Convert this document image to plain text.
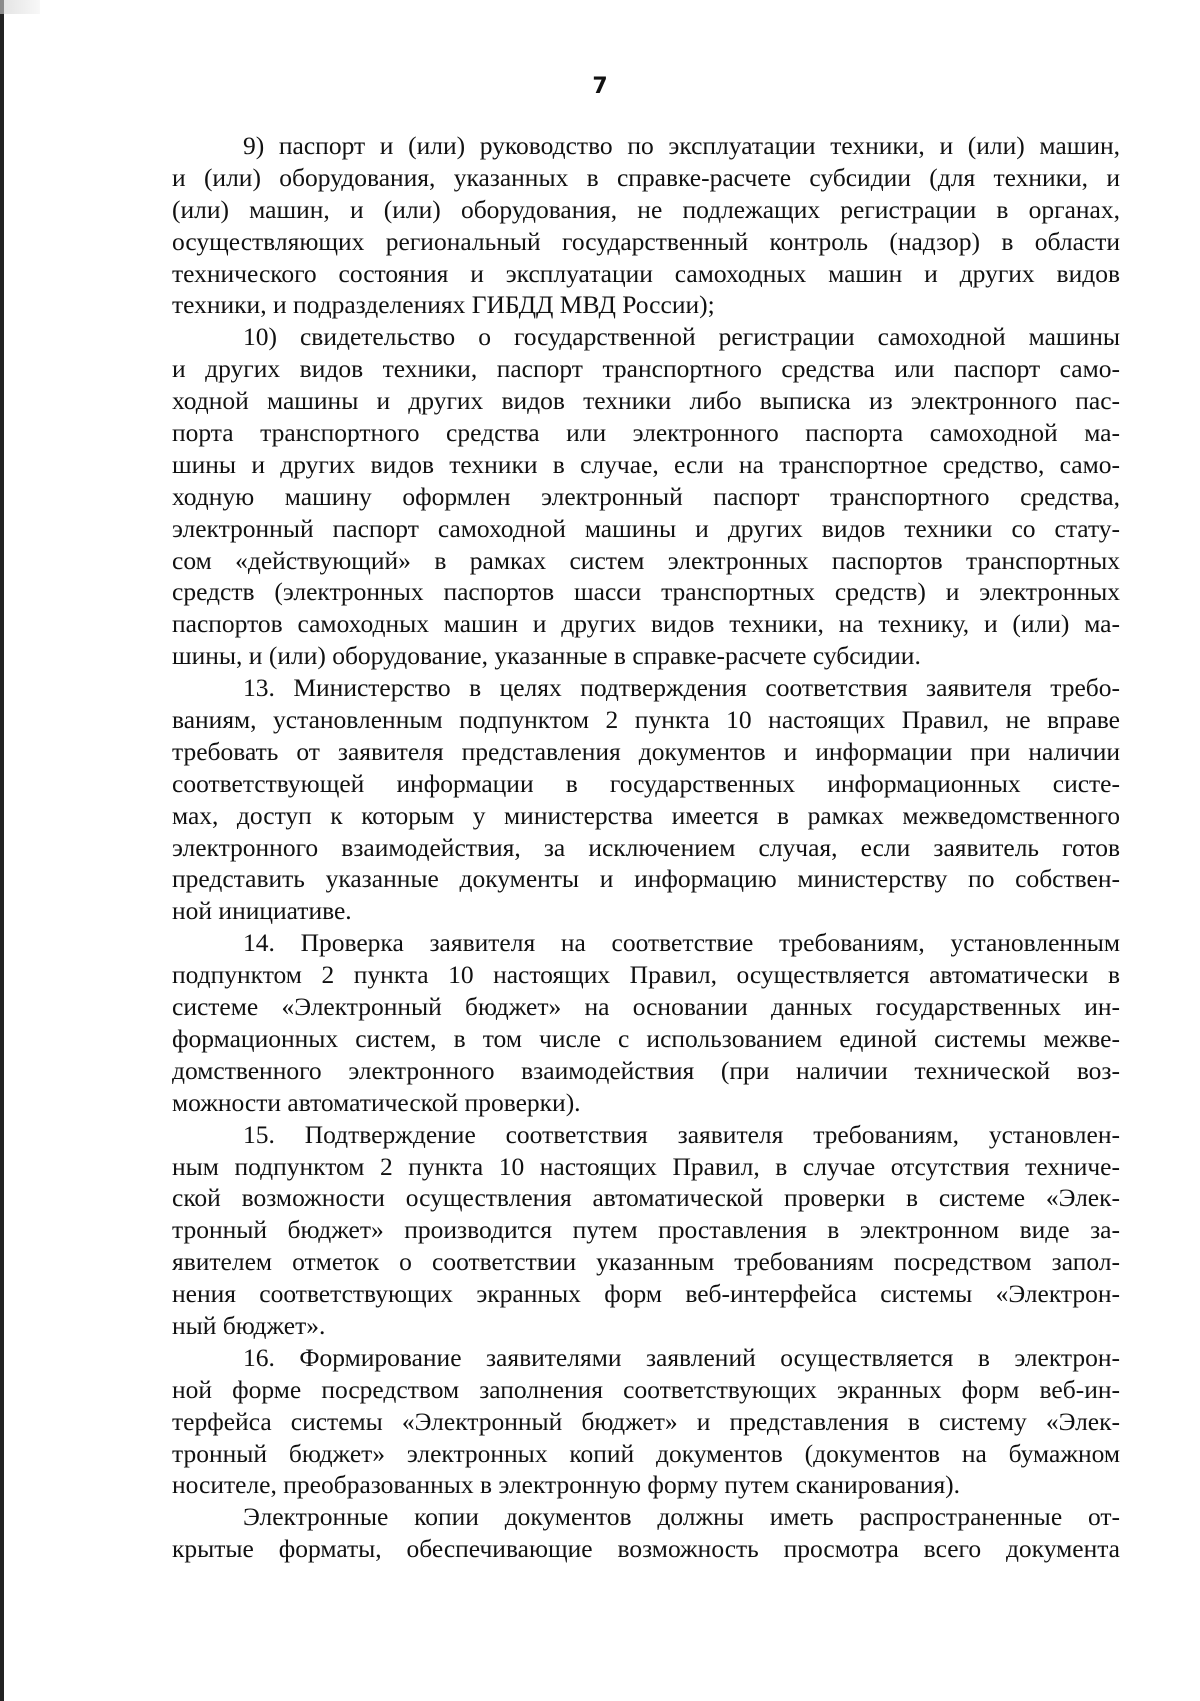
7
9) паспорт и (или) руководство по эксплуатации техники, и (или) машин,
и (или) оборудования, указанных в справке-расчете субсидии (для техники, и
(или) машин, и (или) оборудования, не подлежащих регистрации в органах,
осуществляющих региональный государственный контроль (надзор) в области
технического состояния и эксплуатации самоходных машин и других видов
техники, и подразделениях ГИБДД МВД России);
10) свидетельство о государственной регистрации самоходной машины
и других видов техники, паспорт транспортного средства или паспорт само-
ходной машины и других видов техники либо выписка из электронного пас-
порта транспортного средства или электронного паспорта самоходной ма-
шины и других видов техники в случае, если на транспортное средство, само-
ходную машину оформлен электронный паспорт транспортного средства,
электронный паспорт самоходной машины и других видов техники со стату-
сом «действующий» в рамках систем электронных паспортов транспортных
средств (электронных паспортов шасси транспортных средств) и электронных
паспортов самоходных машин и других видов техники, на технику, и (или) ма-
шины, и (или) оборудование, указанные в справке-расчете субсидии.
13. Министерство в целях подтверждения соответствия заявителя требо-
ваниям, установленным подпунктом 2 пункта 10 настоящих Правил, не вправе
требовать от заявителя представления документов и информации при наличии
соответствующей информации в государственных информационных систе-
мах, доступ к которым у министерства имеется в рамках межведомственного
электронного взаимодействия, за исключением случая, если заявитель готов
представить указанные документы и информацию министерству по собствен-
ной инициативе.
14. Проверка заявителя на соответствие требованиям, установленным
подпунктом 2 пункта 10 настоящих Правил, осуществляется автоматически в
системе «Электронный бюджет» на основании данных государственных ин-
формационных систем, в том числе с использованием единой системы межве-
домственного электронного взаимодействия (при наличии технической воз-
можности автоматической проверки).
15. Подтверждение соответствия заявителя требованиям, установлен-
ным подпунктом 2 пункта 10 настоящих Правил, в случае отсутствия техниче-
ской возможности осуществления автоматической проверки в системе «Элек-
тронный бюджет» производится путем проставления в электронном виде за-
явителем отметок о соответствии указанным требованиям посредством запол-
нения соответствующих экранных форм веб-интерфейса системы «Электрон-
ный бюджет».
16. Формирование заявителями заявлений осуществляется в электрон-
ной форме посредством заполнения соответствующих экранных форм веб-ин-
терфейса системы «Электронный бюджет» и представления в систему «Элек-
тронный бюджет» электронных копий документов (документов на бумажном
носителе, преобразованных в электронную форму путем сканирования).
Электронные копии документов должны иметь распространенные от-
крытые форматы, обеспечивающие возможность просмотра всего документа
